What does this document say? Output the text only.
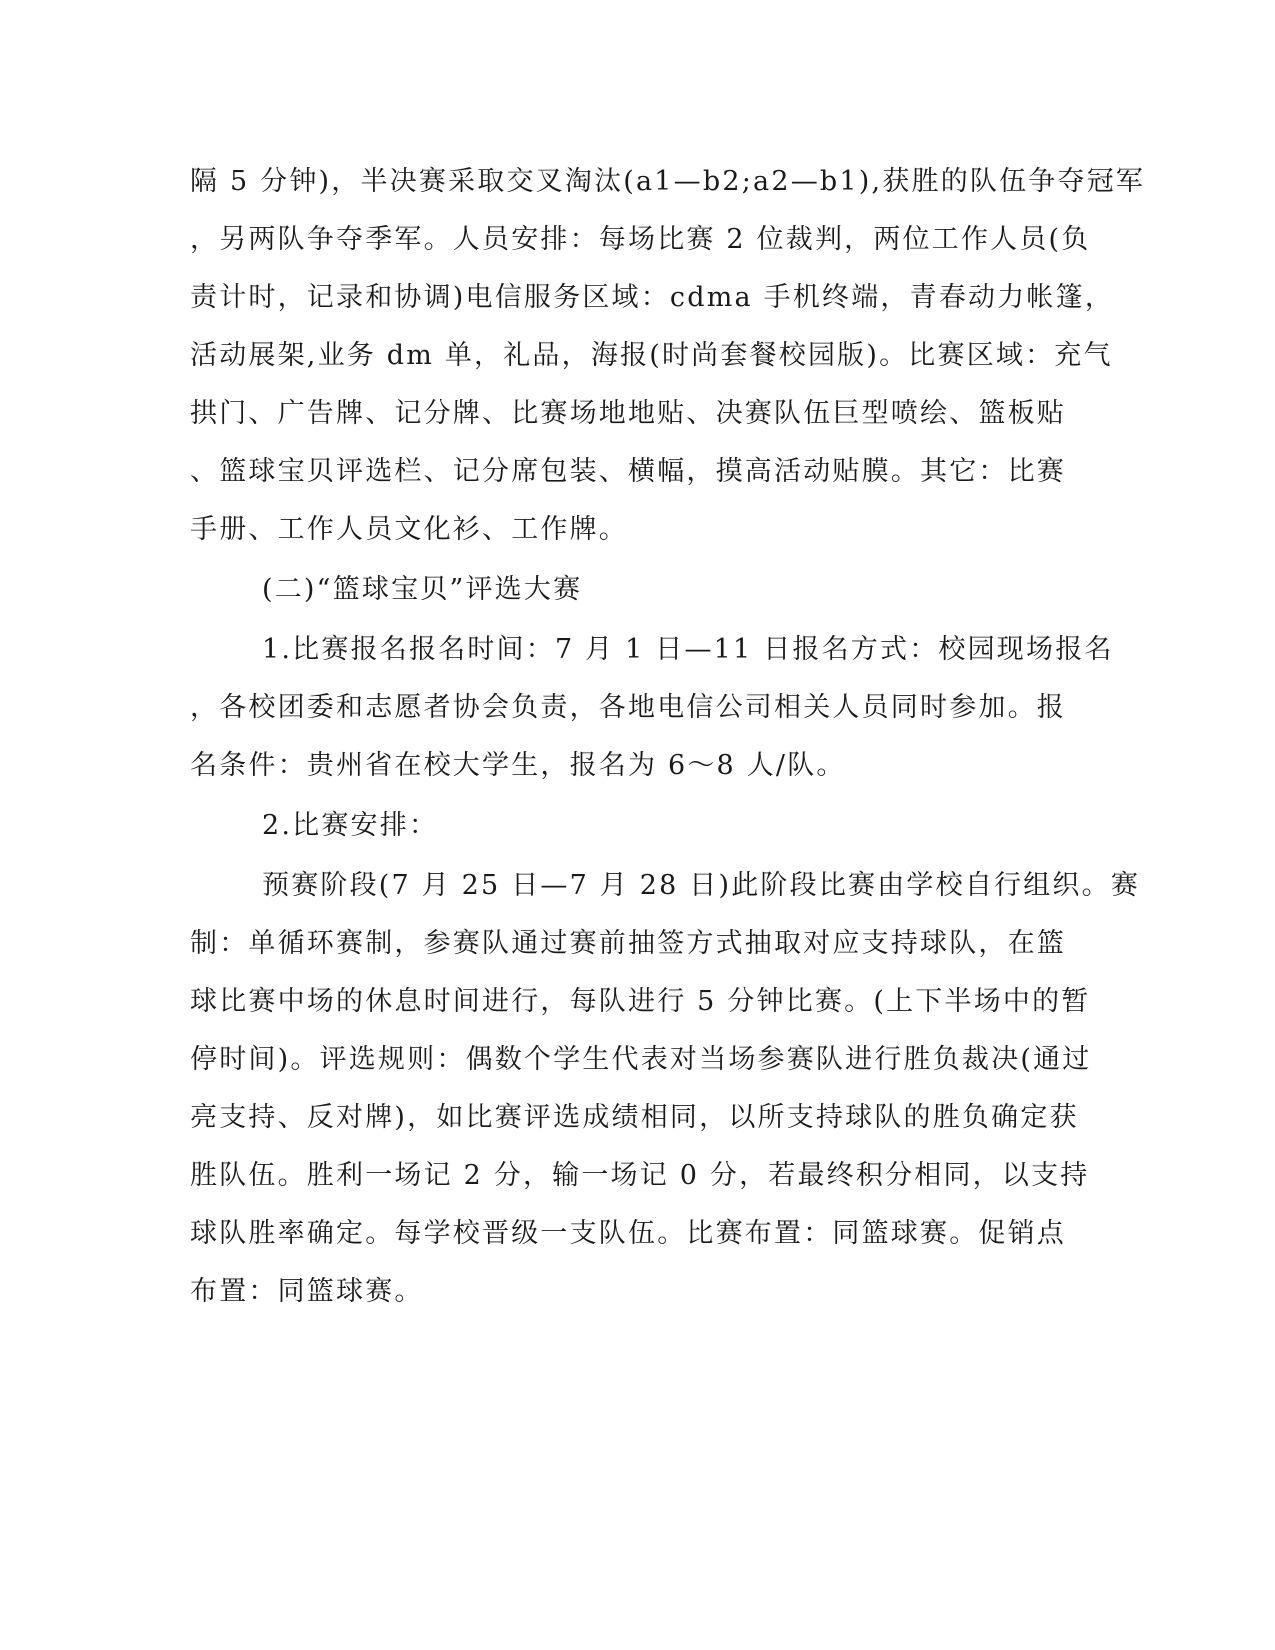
隔 5 分钟)，半决赛采取交叉淘汰(a1—b2;a2—b1),获胜的队伍争夺冠军
，另两队争夺季军。人员安排：每场比赛 2 位裁判，两位工作人员(负
责计时，记录和协调)电信服务区域：cdma 手机终端，青春动力帐篷，
活动展架,业务 dm 单，礼品，海报(时尚套餐校园版)。比赛区域：充气
拱门、广告牌、记分牌、比赛场地地贴、决赛队伍巨型喷绘、篮板贴
、篮球宝贝评选栏、记分席包装、横幅，摸高活动贴膜。其它：比赛
手册、工作人员文化衫、工作牌。
(二)“篮球宝贝”评选大赛
1.比赛报名报名时间：7 月 1 日—11 日报名方式：校园现场报名
，各校团委和志愿者协会负责，各地电信公司相关人员同时参加。报
名条件：贵州省在校大学生，报名为 6～8 人/队。
2.比赛安排：
预赛阶段(7 月 25 日—7 月 28 日)此阶段比赛由学校自行组织。赛
制：单循环赛制，参赛队通过赛前抽签方式抽取对应支持球队，在篮
球比赛中场的休息时间进行，每队进行 5 分钟比赛。(上下半场中的暂
停时间)。评选规则：偶数个学生代表对当场参赛队进行胜负裁决(通过
亮支持、反对牌)，如比赛评选成绩相同，以所支持球队的胜负确定获
胜队伍。胜利一场记 2 分，输一场记 0 分，若最终积分相同，以支持
球队胜率确定。每学校晋级一支队伍。比赛布置：同篮球赛。促销点
布置：同篮球赛。
